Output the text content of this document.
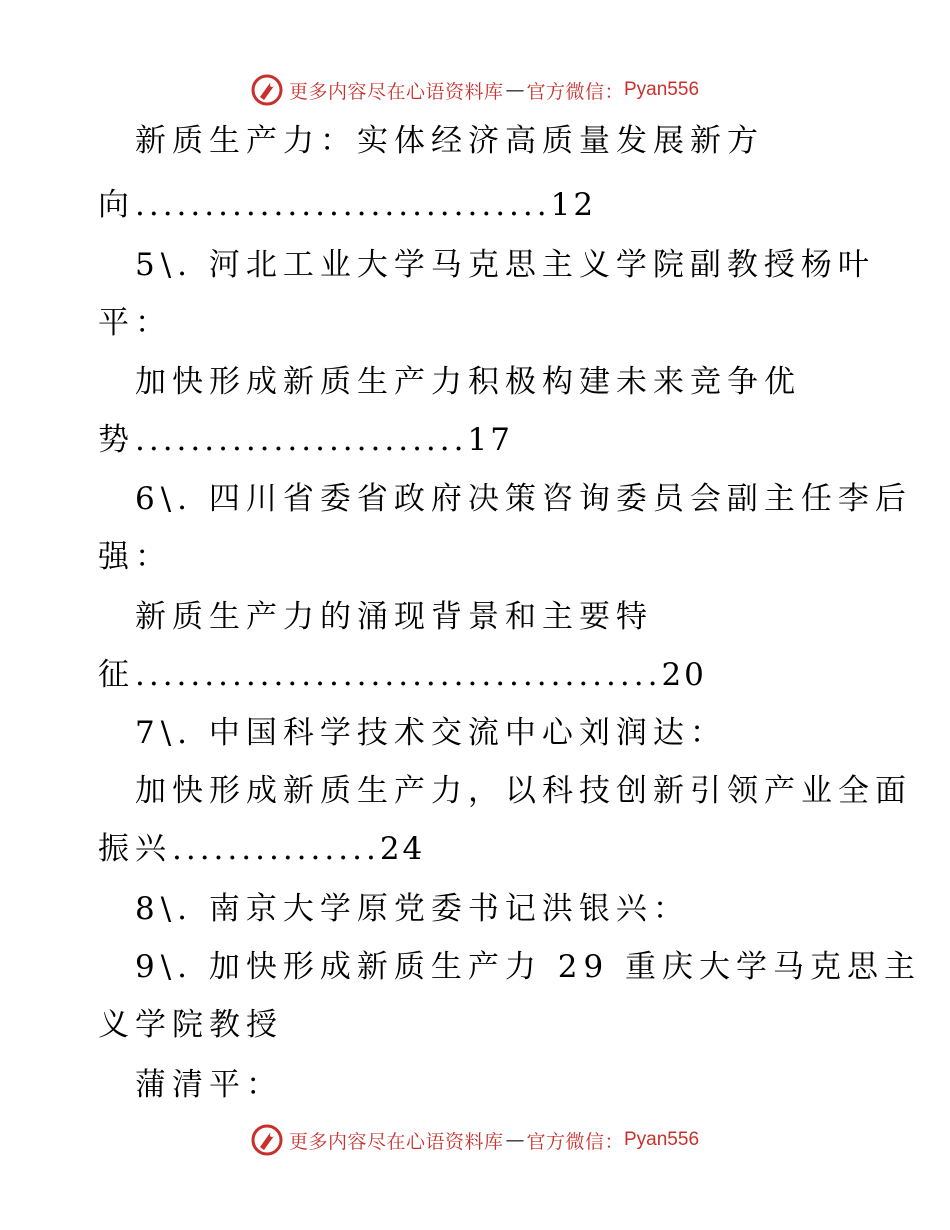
更多内容尽在心语资料库 — 官方微信： Pyan556
新质生产力：实体经济高质量发展新方
向..............................12
5\. 河北工业大学马克思主义学院副教授杨叶
平：
加快形成新质生产力积极构建未来竞争优
势........................17
6\. 四川省委省政府决策咨询委员会副主任李后
强：
新质生产力的涌现背景和主要特
征......................................20
7\. 中国科学技术交流中心刘润达：
加快形成新质生产力，以科技创新引领产业全面
振兴...............24
8\. 南京大学原党委书记洪银兴：
9\. 加快形成新质生产力 29 重庆大学马克思主
义学院教授
蒲清平：
更多内容尽在心语资料库 — 官方微信： Pyan556
